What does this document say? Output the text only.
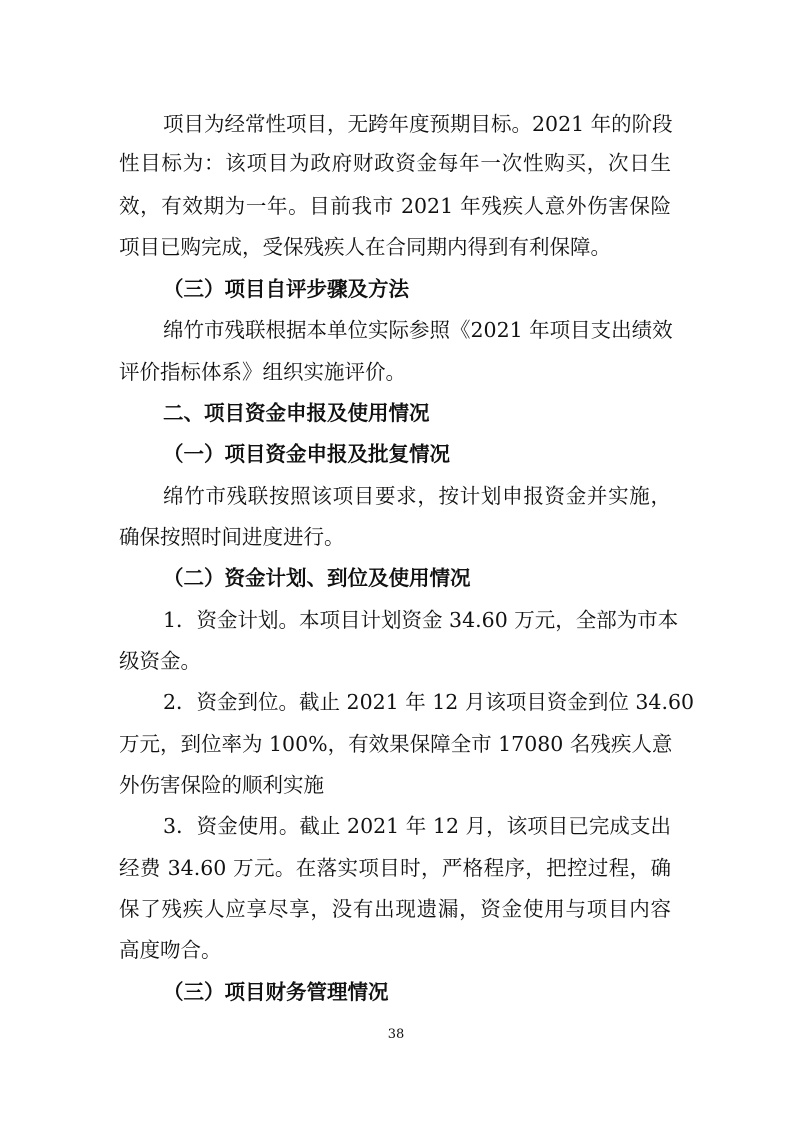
项目为经常性项目，无跨年度预期目标。2021 年的阶段
性目标为：该项目为政府财政资金每年一次性购买，次日生
效，有效期为一年。目前我市 2021 年残疾人意外伤害保险
项目已购完成，受保残疾人在合同期内得到有利保障。
（三）项目自评步骤及方法
绵竹市残联根据本单位实际参照《2021 年项目支出绩效
评价指标体系》组织实施评价。
二、项目资金申报及使用情况
（一）项目资金申报及批复情况
绵竹市残联按照该项目要求，按计划申报资金并实施，
确保按照时间进度进行。
（二）资金计划、到位及使用情况
1．资金计划。本项目计划资金 34.60 万元，全部为市本
级资金。
2．资金到位。截止 2021 年 12 月该项目资金到位 34.60
万元，到位率为 100%，有效果保障全市 17080 名残疾人意
外伤害保险的顺利实施
3．资金使用。截止 2021 年 12 月，该项目已完成支出
经费 34.60 万元。在落实项目时，严格程序，把控过程，确
保了残疾人应享尽享，没有出现遗漏，资金使用与项目内容
高度吻合。
（三）项目财务管理情况
38
